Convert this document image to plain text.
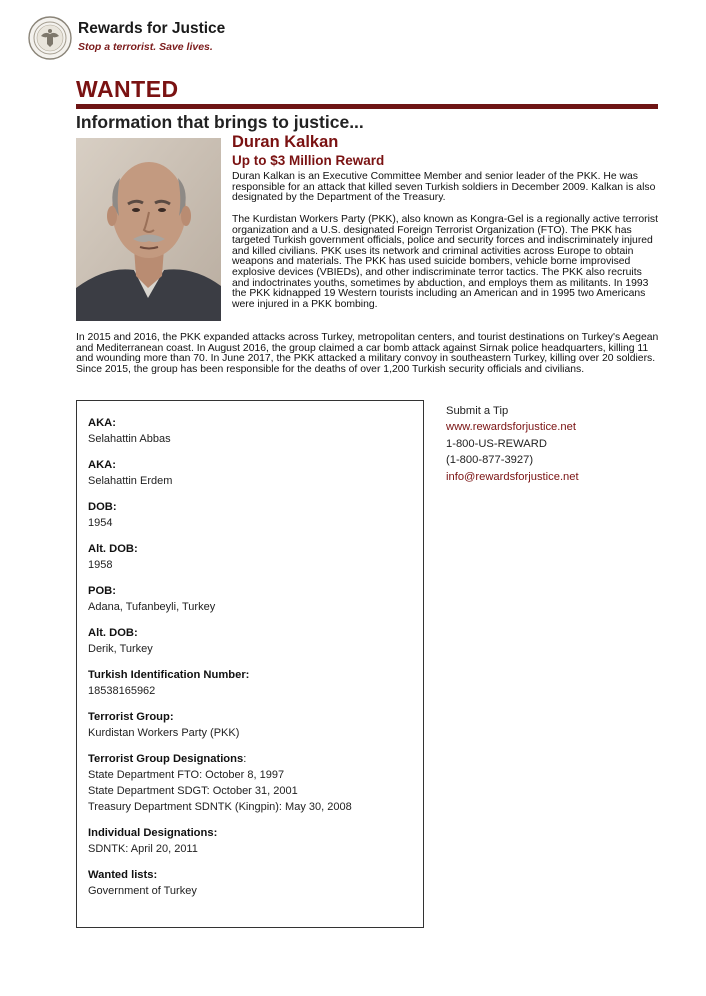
Rewards for Justice
Stop a terrorist. Save lives.
WANTED
Information that brings to justice...
Duran Kalkan
Up to $3 Million Reward

Duran Kalkan is an Executive Committee Member and senior leader of the PKK. He was responsible for an attack that killed seven Turkish soldiers in December 2009. Kalkan is also designated by the Department of the Treasury.

The Kurdistan Workers Party (PKK), also known as Kongra-Gel is a regionally active terrorist organization and a U.S. designated Foreign Terrorist Organization (FTO). The PKK has targeted Turkish government officials, police and security forces and indiscriminately injured and killed civilians. PKK uses its network and criminal activities across Europe to obtain weapons and materials. The PKK has used suicide bombers, vehicle borne improvised explosive devices (VBIEDs), and other indiscriminate terror tactics. The PKK also recruits and indoctrinates youths, sometimes by abduction, and employs them as militants. In 1993 the PKK kidnapped 19 Western tourists including an American and in 1995 two Americans were injured in a PKK bombing.

In 2015 and 2016, the PKK expanded attacks across Turkey, metropolitan centers, and tourist destinations on Turkey's Aegean and Mediterranean coast. In August 2016, the group claimed a car bomb attack against Sirnak police headquarters, killing 11 and wounding more than 70. In June 2017, the PKK attacked a military convoy in southeastern Turkey, killing over 20 soldiers. Since 2015, the group has been responsible for the deaths of over 1,200 Turkish security officials and civilians.

AKA:
Selahattin Abbas
AKA:
Selahattin Erdem
DOB:
1954
Alt. DOB:
1958
POB:
Adana, Tufanbeyli, Turkey
Alt. DOB:
Derik, Turkey
Turkish Identification Number:
18538165962
Terrorist Group:
Kurdistan Workers Party (PKK)
Terrorist Group Designations:
State Department FTO: October 8, 1997
State Department SDGT: October 31, 2001
Treasury Department SDNTK (Kingpin): May 30, 2008
Individual Designations:
SDNTK: April 20, 2011
Wanted lists:
Government of Turkey
Submit a Tip
www.rewardsforjustice.net
1-800-US-REWARD
(1-800-877-3927)
info@rewardsforjustice.net
